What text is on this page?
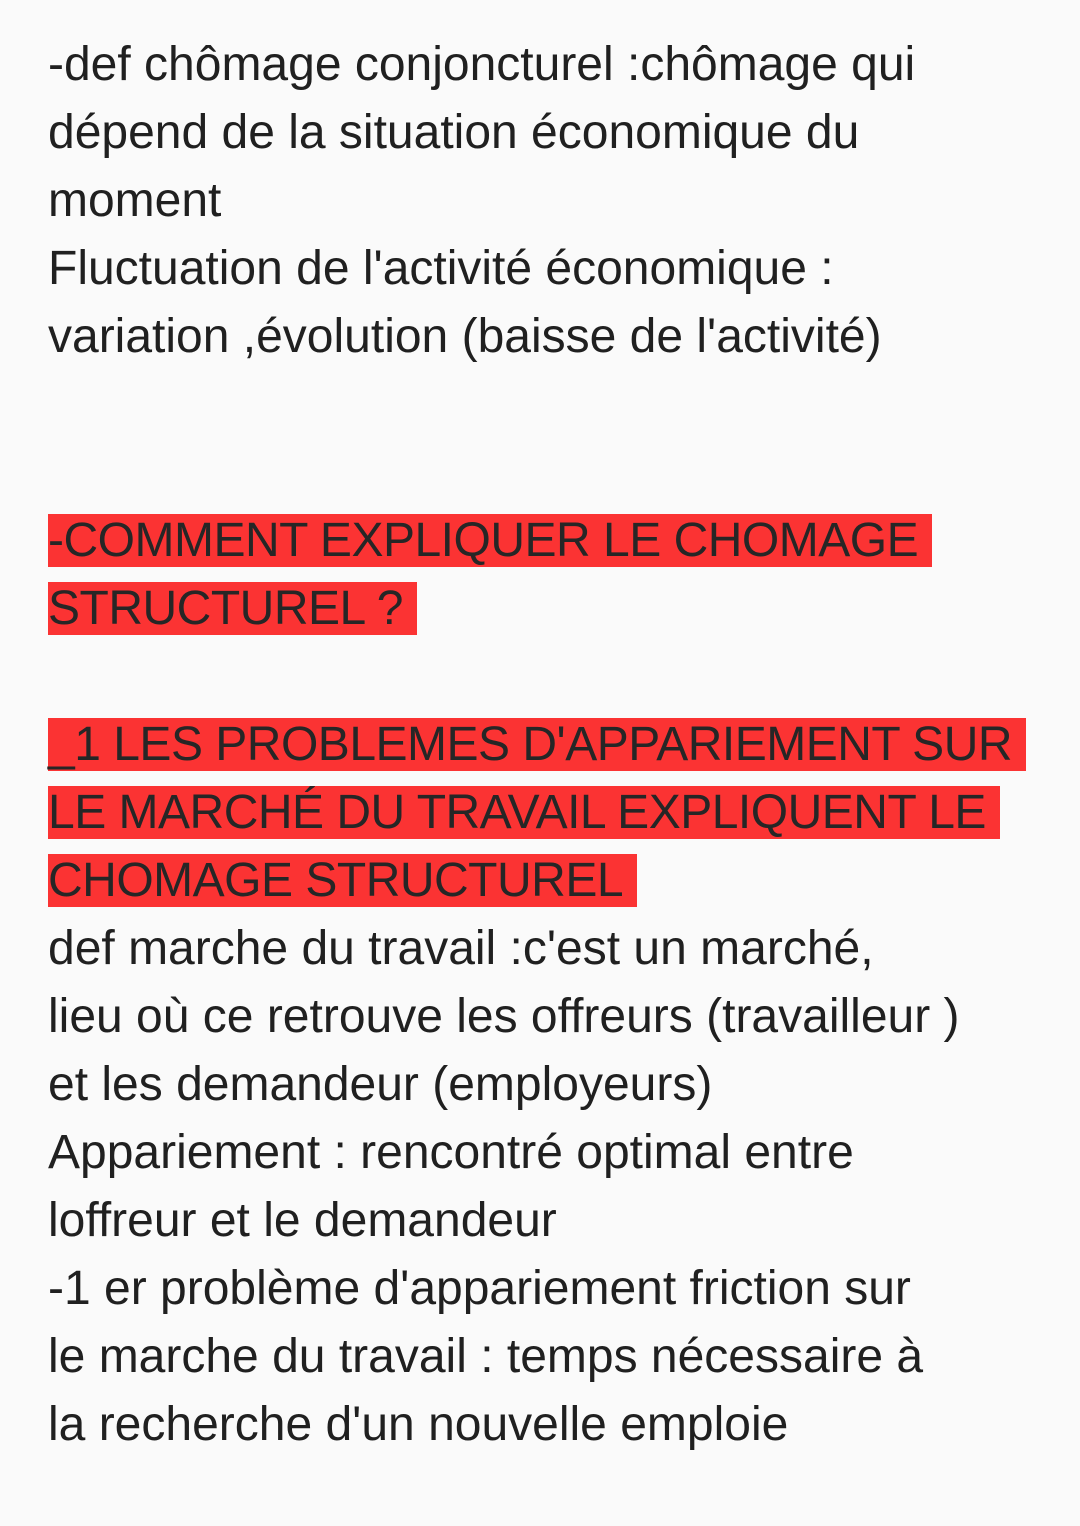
-def chômage conjoncturel :chômage qui
dépend de la situation économique du
moment
Fluctuation de l'activité économique :
variation ,évolution (baisse de l'activité)
-COMMENT EXPLIQUER LE CHOMAGE
STRUCTUREL ?
_1 LES PROBLEMES D'APPARIEMENT SUR
LE MARCHÉ DU TRAVAIL EXPLIQUENT LE
CHOMAGE STRUCTUREL
def marche du travail :c'est un marché,
lieu où ce retrouve les offreurs (travailleur )
et les demandeur (employeurs)
Appariement : rencontré optimal entre
loffreur et le demandeur
-1 er problème d'appariement friction sur
le marche du travail : temps nécessaire à
la recherche d'un nouvelle emploie
